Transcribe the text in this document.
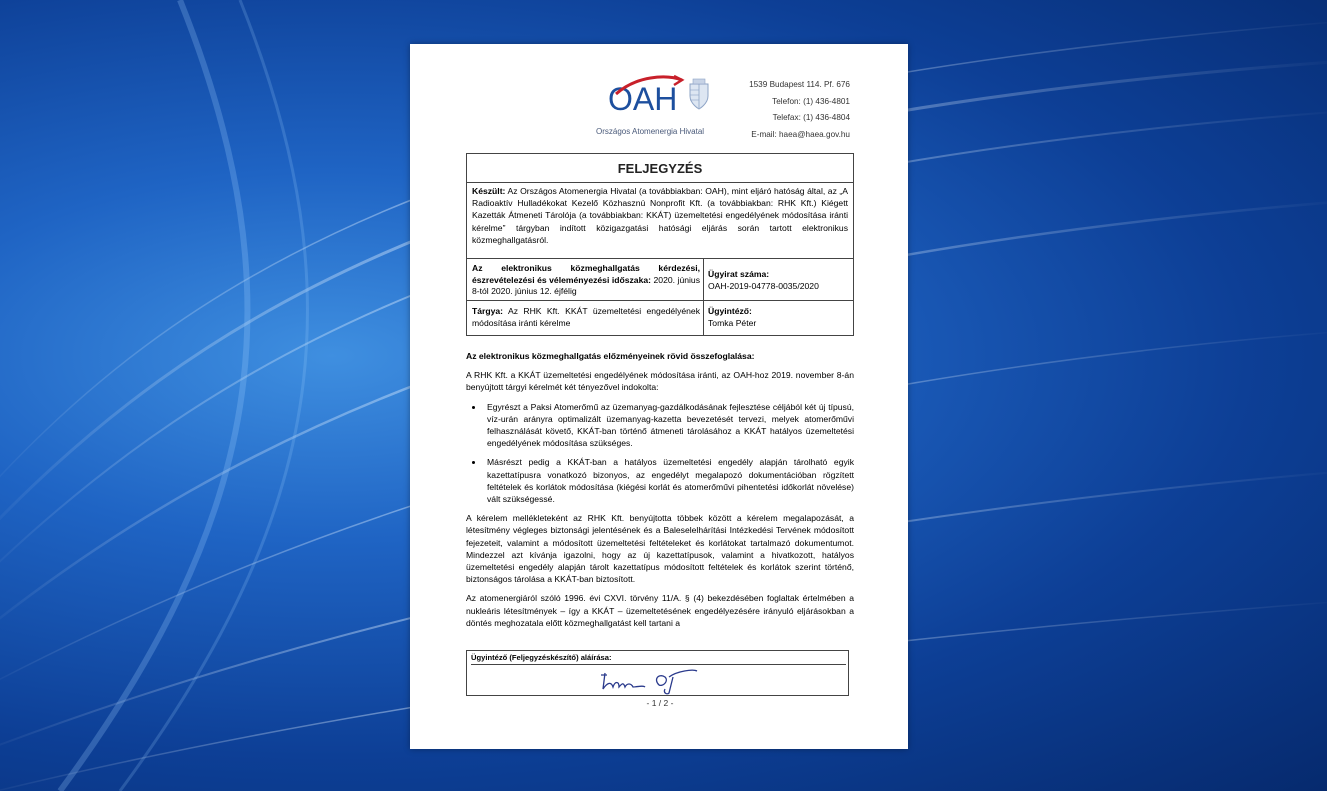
OAH
Országos Atomenergia Hivatal
1539 Budapest 114. Pf. 676
Telefon: (1) 436-4801
Telefax: (1) 436-4804
E-mail: haea@haea.gov.hu
FELJEGYZÉS
Készült: Az Országos Atomenergia Hivatal (a továbbiakban: OAH), mint eljáró hatóság által, az „A Radioaktív Hulladékokat Kezelő Közhasznú Nonprofit Kft. (a továbbiakban: RHK Kft.) Kiégett Kazetták Átmeneti Tárolója (a továbbiakban: KKÁT) üzemeltetési engedélyének módosítása iránti kérelme” tárgyban indított közigazgatási hatósági eljárás során tartott elektronikus közmeghallgatásról.
Az elektronikus közmeghallgatás kérdezési, észrevételezési és véleményezési időszaka: 2020. június 8-tól 2020. június 12. éjfélig
Ügyirat száma:
OAH-2019-04778-0035/2020
Tárgya: Az RHK Kft. KKÁT üzemeltetési engedélyének módosítása iránti kérelme
Ügyintéző:
Tomka Péter

Az elektronikus közmeghallgatás előzményeinek rövid összefoglalása:

A RHK Kft. a KKÁT üzemeltetési engedélyének módosítása iránti, az OAH-hoz 2019. november 8-án benyújtott tárgyi kérelmét két tényezővel indokolta:

• Egyrészt a Paksi Atomerőmű az üzemanyag-gazdálkodásának fejlesztése céljából két új típusú, víz-urán arányra optimalizált üzemanyag-kazetta bevezetését tervezi, melyek atomerőművi felhasználását követő, KKÁT-ban történő átmeneti tárolásához a KKÁT hatályos üzemeltetési engedélyének módosítása szükséges.
• Másrészt pedig a KKÁT-ban a hatályos üzemeltetési engedély alapján tárolható egyik kazettatípusra vonatkozó bizonyos, az engedélyt megalapozó dokumentációban rögzített feltételek és korlátok módosítása (kiégési korlát és atomerőművi pihentetési időkorlát növelése) vált szükségessé.

A kérelem mellékleteként az RHK Kft. benyújtotta többek között a kérelem megalapozását, a létesítmény végleges biztonsági jelentésének és a Baleselelhárítási Intézkedési Tervének módosított fejezeteit, valamint a módosított üzemeltetési feltételeket és korlátokat tartalmazó dokumentumot. Mindezzel azt kívánja igazolni, hogy az új kazettatípusok, valamint a hivatkozott, hatályos üzemeltetési engedély alapján tárolt kazettatípus módosított feltételek és korlátok szerint történő, biztonságos tárolása a KKÁT-ban biztosított.

Az atomenergiáról szóló 1996. évi CXVI. törvény 11/A. § (4) bekezdésében foglaltak értelmében a nukleáris létesítmények – így a KKÁT – üzemeltetésének engedélyezésére irányuló eljárásokban a döntés meghozatala előtt közmeghallgatást kell tartani a

Ügyintéző (Feljegyzéskészítő) aláírása:
- 1 / 2 -
